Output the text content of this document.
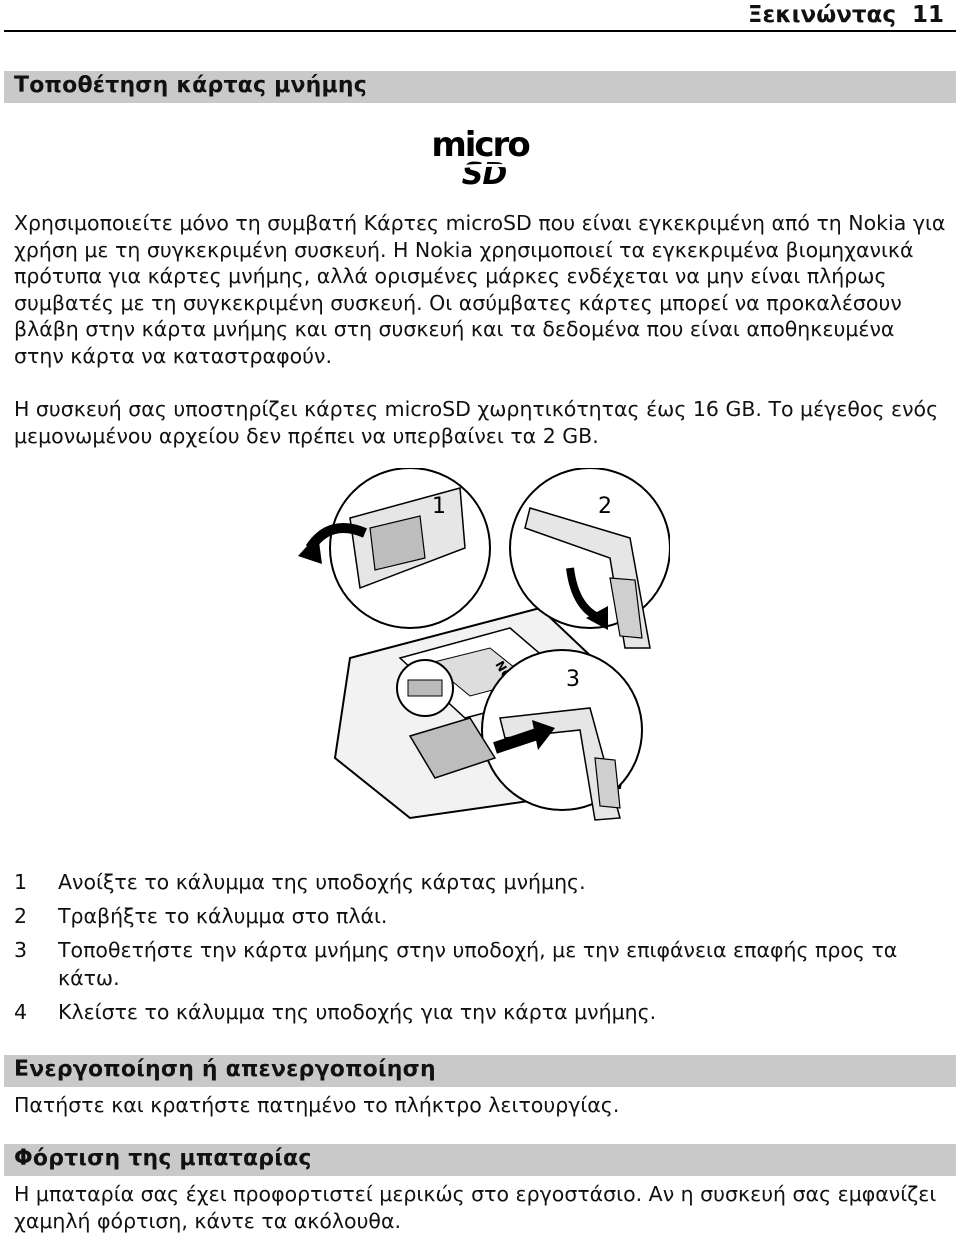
Ξεκινώντας 11
Τοποθέτηση κάρτας μνήμης
micro
SD

Χρησιμοποιείτε μόνο τη συμβατή Κάρτες microSD που είναι εγκεκριμένη από τη Nokia για χρήση με τη συγκεκριμένη συσκευή. Η Nokia χρησιμοποιεί τα εγκεκριμένα βιομηχανικά πρότυπα για κάρτες μνήμης, αλλά ορισμένες μάρκες ενδέχεται να μην είναι πλήρως συμβατές με τη συγκεκριμένη συσκευή. Οι ασύμβατες κάρτες μπορεί να προκαλέσουν βλάβη στην κάρτα μνήμης και στη συσκευή και τα δεδομένα που είναι αποθηκευμένα στην κάρτα να καταστραφούν.

Η συσκευή σας υποστηρίζει κάρτες microSD χωρητικότητας έως 16 GB. Το μέγεθος ενός μεμονωμένου αρχείου δεν πρέπει να υπερβαίνει τα 2 GB.

1	2
3
1 Ανοίξτε το κάλυμμα της υποδοχής κάρτας μνήμης.
2 Τραβήξτε το κάλυμμα στο πλάι.
3 Τοποθετήστε την κάρτα μνήμης στην υποδοχή, με την επιφάνεια επαφής προς τα κάτω.
4 Κλείστε το κάλυμμα της υποδοχής για την κάρτα μνήμης.
Ενεργοποίηση ή απενεργοποίηση

Πατήστε και κρατήστε πατημένο το πλήκτρο λειτουργίας.

Φόρτιση της μπαταρίας

Η μπαταρία σας έχει προφορτιστεί μερικώς στο εργοστάσιο. Αν η συσκευή σας εμφανίζει χαμηλή φόρτιση, κάντε τα ακόλουθα.
